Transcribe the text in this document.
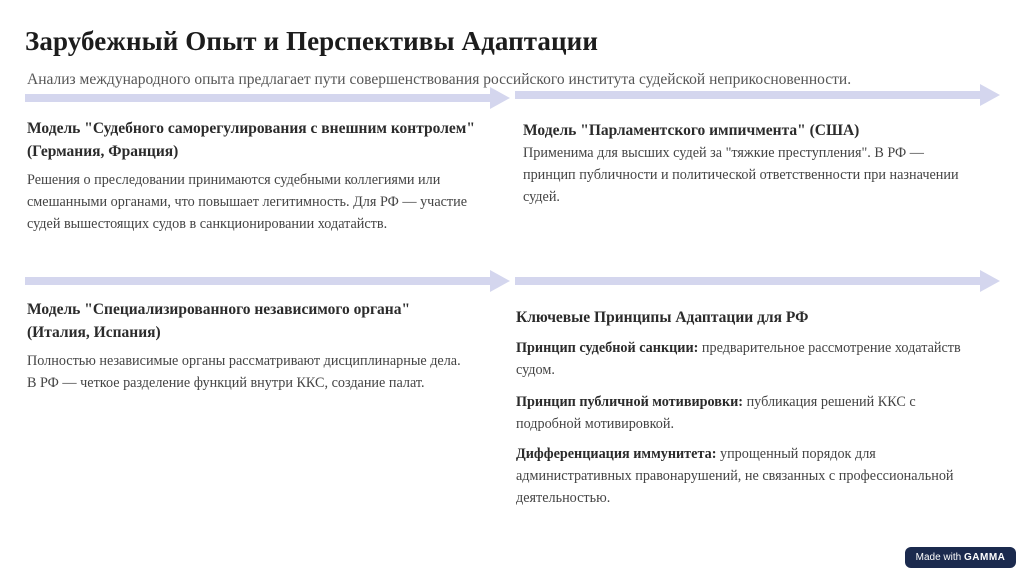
Зарубежный Опыт и Перспективы Адаптации
Анализ международного опыта предлагает пути совершенствования российского института судейской неприкосновенности.
Модель "Судебного саморегулирования с внешним контролем" (Германия, Франция)

Решения о преследовании принимаются судебными коллегиями или смешанными органами, что повышает легитимность. Для РФ — участие судей вышестоящих судов в санкционировании ходатайств.

Модель "Парламентского импичмента" (США)

Применима для высших судей за "тяжкие преступления". В РФ — принцип публичности и политической ответственности при назначении судей.

Модель "Специализированного независимого органа" (Италия, Испания)

Полностью независимые органы рассматривают дисциплинарные дела. В РФ — четкое разделение функций внутри ККС, создание палат.

Ключевые Принципы Адаптации для РФ

Принцип судебной санкции: предварительное рассмотрение ходатайств судом.

Принцип публичной мотивировки: публикация решений ККС с подробной мотивировкой.

Дифференциация иммунитета: упрощенный порядок для административных правонарушений, не связанных с профессиональной деятельностью.

Made with GAMMA
